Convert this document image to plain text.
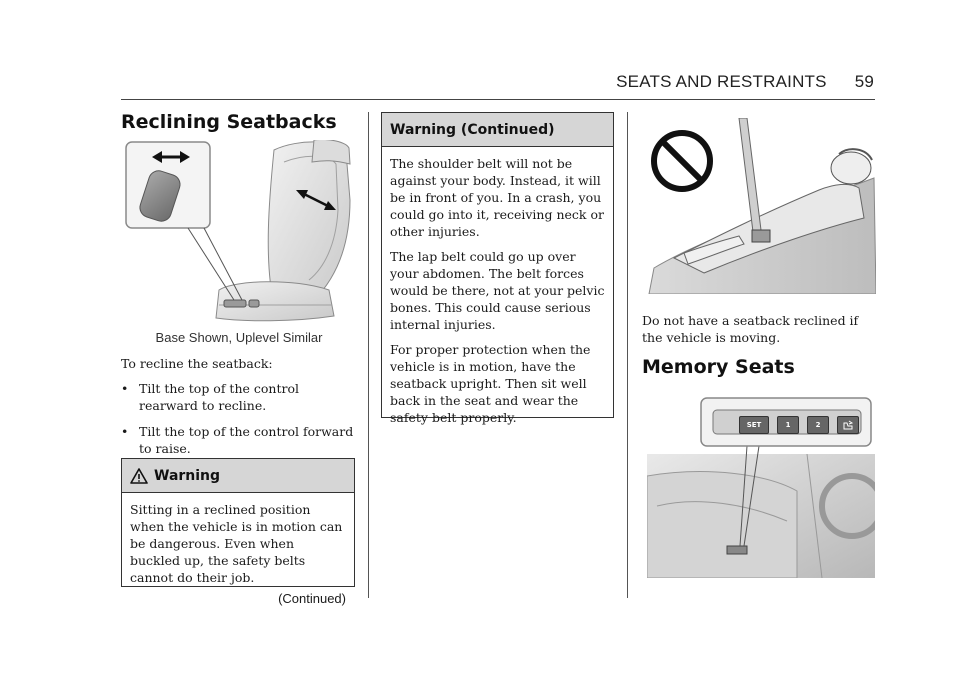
SEATS AND RESTRAINTS 59
Reclining Seatbacks
Base Shown, Uplevel Similar

To recline the seatback:

• Tilt the top of the control rearward to recline.
• Tilt the top of the control forward to raise.
Warning

Sitting in a reclined position when the vehicle is in motion can be dangerous. Even when buckled up, the safety belts cannot do their job.

(Continued)
Warning (Continued)

The shoulder belt will not be against your body. Instead, it will be in front of you. In a crash, you could go into it, receiving neck or other injuries.

The lap belt could go up over your abdomen. The belt forces would be there, not at your pelvic bones. This could cause serious internal injuries.

For proper protection when the vehicle is in motion, have the seatback upright. Then sit well back in the seat and wear the safety belt properly.

Do not have a seatback reclined if the vehicle is moving.
Memory Seats
SET	1	2
